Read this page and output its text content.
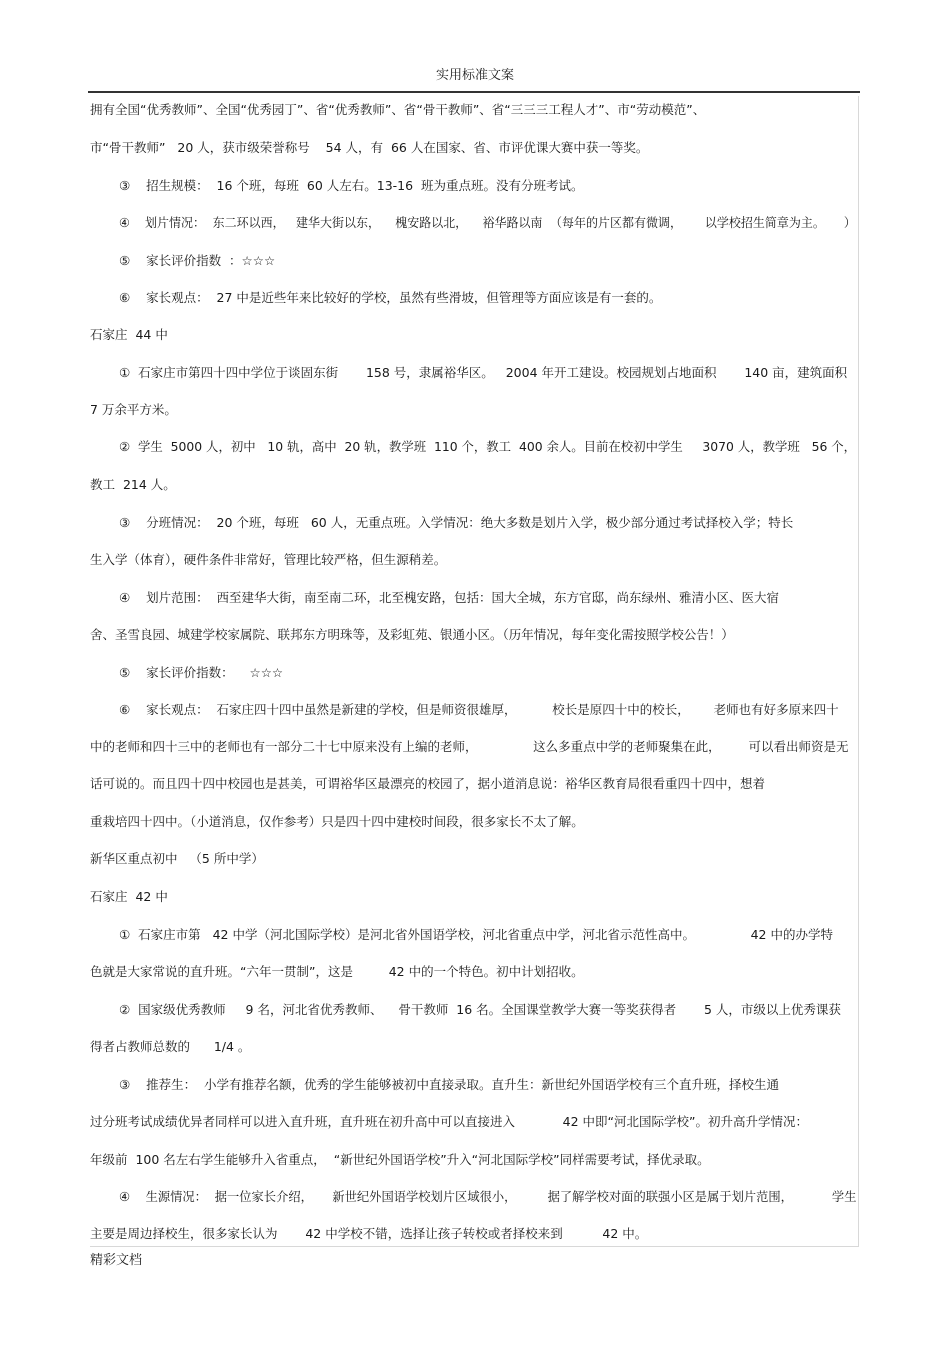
实用标准文案
拥有全国“优秀教师”、全国“优秀园丁”、省“优秀教师”、省“骨干教师”、省“三三三工程人才”、市“劳动模范”、
市“骨干教师”   20 人，获市级荣誉称号    54 人，有  66 人在国家、省、市评优课大赛中获一等奖。
③    招生规模：  16 个班，每班  60 人左右。13-16  班为重点班。没有分班考试。
④    划片情况：  东二环以西，   建华大街以东，    槐安路以北，    裕华路以南  （每年的片区都有微调，      以学校招生简章为主。     ）
⑤    家长评价指数  ：☆☆☆
⑥    家长观点：  27 中是近些年来比较好的学校，虽然有些滑坡，但管理等方面应该是有一套的。
石家庄  44 中
①  石家庄市第四十四中学位于谈固东街       158 号，隶属裕华区。   2004 年开工建设。校园规划占地面积       140 亩，建筑面积
7 万余平方米。
②  学生  5000 人，初中   10 轨，高中  20 轨，教学班  110 个，教工  400 余人。目前在校初中学生     3070 人，教学班   56 个，
教工  214 人。
③    分班情况：  20 个班，每班   60 人，无重点班。入学情况：绝大多数是划片入学，极少部分通过考试择校入学；特长
生入学（体育），硬件条件非常好，管理比较严格，但生源稍差。
④    划片范围：  西至建华大街，南至南二环，北至槐安路，包括：国大全城，东方官邸，尚东绿州、雅清小区、医大宿
舍、圣雪良园、城建学校家属院、联邦东方明珠等，及彩虹苑、银通小区。（历年情况，每年变化需按照学校公告！）
⑤    家长评价指数：    ☆☆☆
⑥    家长观点：  石家庄四十四中虽然是新建的学校，但是师资很雄厚，         校长是原四十中的校长，      老师也有好多原来四十
中的老师和四十三中的老师也有一部分二十七中原来没有上编的老师，              这么多重点中学的老师聚集在此，       可以看出师资是无
话可说的。而且四十四中校园也是甚美，可谓裕华区最漂亮的校园了，据小道消息说：裕华区教育局很看重四十四中，想着
重栽培四十四中。（小道消息，仅作参考）只是四十四中建校时间段，很多家长不太了解。
新华区重点初中   （5 所中学）
石家庄  42 中
①  石家庄市第   42 中学（河北国际学校）是河北省外国语学校，河北省重点中学，河北省示范性高中。              42 中的办学特
色就是大家常说的直升班。“六年一贯制”，这是         42 中的一个特色。初中计划招收。
②  国家级优秀教师     9 名，河北省优秀教师、    骨干教师  16 名。全国课堂教学大赛一等奖获得者       5 人，市级以上优秀课获
得者占教师总数的      1/4 。
③    推荐生：  小学有推荐名额，优秀的学生能够被初中直接录取。直升生：新世纪外国语学校有三个直升班，择校生通
过分班考试成绩优异者同样可以进入直升班，直升班在初升高中可以直接进入            42 中即“河北国际学校”。初升高升学情况：
年级前  100 名左右学生能够升入省重点，  “新世纪外国语学校”升入“河北国际学校”同样需要考试，择优录取。
④    生源情况：  据一位家长介绍，     新世纪外国语学校划片区域很小，        据了解学校对面的联强小区是属于划片范围，          学生
主要是周边择校生，很多家长认为       42 中学校不错，选择让孩子转校或者择校来到          42 中。
精彩文档
